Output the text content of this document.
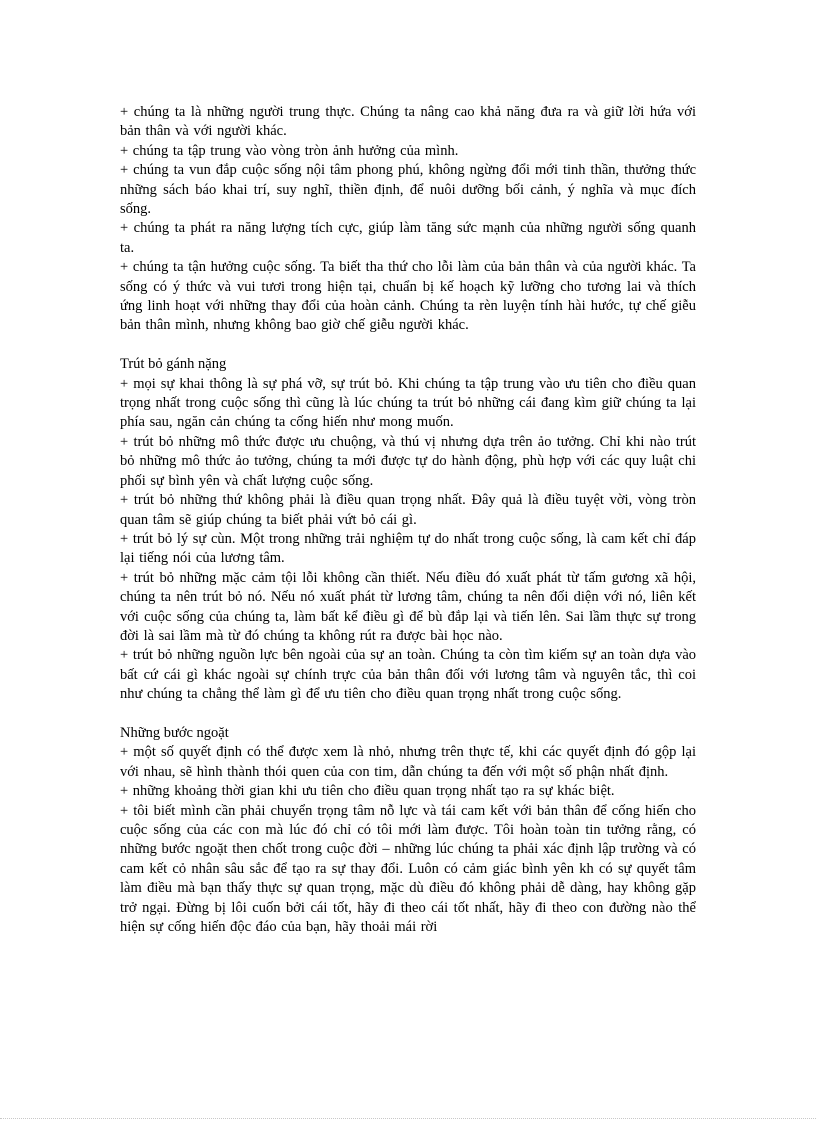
+ chúng ta là những người trung thực. Chúng ta nâng cao khả năng đưa ra và giữ lời hứa với bản thân và với người khác.

+ chúng ta tập trung vào vòng tròn ảnh hưởng của mình.

+ chúng ta vun đắp cuộc sống nội tâm phong phú, không ngừng đổi mới tinh thần, thưởng thức những sách báo khai trí, suy nghĩ, thiền định, để nuôi dưỡng bối cảnh, ý nghĩa và mục đích sống.

+ chúng ta phát ra năng lượng tích cực, giúp làm tăng sức mạnh của những người sống quanh ta.

+ chúng ta tận hưởng cuộc sống. Ta biết tha thứ cho lỗi làm của bản thân và của người khác. Ta sống có ý thức và vui tươi trong hiện tại, chuẩn bị kế hoạch kỹ lưỡng cho tương lai và thích ứng linh hoạt với những thay đổi của hoàn cảnh. Chúng ta rèn luyện tính hài hước, tự chế giễu bản thân mình, nhưng không bao giờ chế giễu người khác.

Trút bỏ gánh nặng

+ mọi sự khai thông là sự phá vỡ, sự trút bỏ. Khi chúng ta tập trung vào ưu tiên cho điều quan trọng nhất trong cuộc sống thì cũng là lúc chúng ta trút bỏ những cái đang kìm giữ chúng ta lại phía sau, ngăn cản chúng ta cống hiến như mong muốn.

+ trút bỏ những mô thức được ưu chuộng, và thú vị nhưng dựa trên ảo tưởng. Chỉ khi nào trút bỏ những mô thức ảo tưởng, chúng ta mới được tự do hành động, phù hợp với các quy luật chi phối sự bình yên và chất lượng cuộc sống.

+ trút bỏ những thứ không phải là điều quan trọng nhất. Đây quả là điều tuyệt vời, vòng tròn quan tâm sẽ giúp chúng ta biết phải vứt bỏ cái gì.

+ trút bỏ lý sự cùn. Một trong những trải nghiệm tự do nhất trong cuộc sống, là cam kết chỉ đáp lại tiếng nói của lương tâm.

+ trút bỏ những mặc cảm tội lỗi không cần thiết. Nếu điều đó xuất phát từ tấm gương xã hội, chúng ta nên trút bỏ nó. Nếu nó xuất phát từ lương tâm, chúng ta nên đối diện với nó, liên kết với cuộc sống của chúng ta, làm bất kể điều gì để bù đắp lại và tiến lên. Sai lầm thực sự trong đời là sai lầm mà từ đó chúng ta không rút ra được bài học nào.

+ trút bỏ những nguồn lực bên ngoài của sự an toàn. Chúng ta còn tìm kiếm sự an toàn dựa vào bất cứ cái gì khác ngoài sự chính trực của bản thân đối với lương tâm và nguyên tắc, thì coi như chúng ta chẳng thể làm gì để ưu tiên cho điều quan trọng nhất trong cuộc sống.

Những bước ngoặt

+ một số quyết định có thể được xem là nhỏ, nhưng trên thực tế, khi các quyết định đó gộp lại với nhau, sẽ hình thành thói quen của con tim, dẫn chúng ta đến với một số phận nhất định.

+ những khoảng thời gian khi ưu tiên cho điều quan trọng nhất tạo ra sự khác biệt.

+ tôi biết mình cần phải chuyển trọng tâm nỗ lực và tái cam kết với bản thân để cống hiến cho cuộc sống của các con mà lúc đó chỉ có tôi mới làm được. Tôi hoàn toàn tin tưởng rằng, có những bước ngoặt then chốt trong cuộc đời – những lúc chúng ta phải xác định lập trường và có cam kết cỏ nhân sâu sắc để tạo ra sự thay đổi. Luôn có cảm giác bình yên kh có sự quyết tâm làm điều mà bạn thấy thực sự quan trọng, mặc dù điều đó không phải dễ dàng, hay không gặp trở ngại. Đừng bị lôi cuốn bởi cái tốt, hãy đi theo cái tốt nhất, hãy đi theo con đường nào thể hiện sự cống hiến độc đáo của bạn, hãy thoải mái rời
